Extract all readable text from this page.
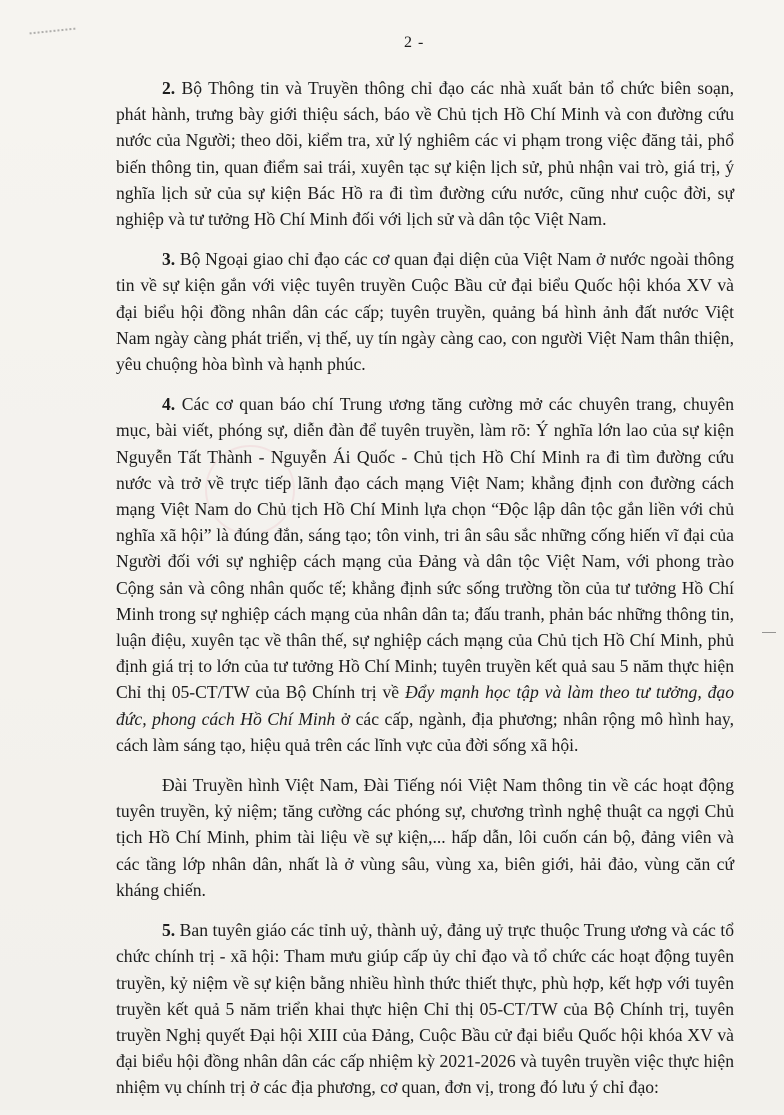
2 -

2. Bộ Thông tin và Truyền thông chỉ đạo các nhà xuất bản tổ chức biên soạn, phát hành, trưng bày giới thiệu sách, báo về Chủ tịch Hồ Chí Minh và con đường cứu nước của Người; theo dõi, kiểm tra, xử lý nghiêm các vi phạm trong việc đăng tải, phổ biến thông tin, quan điểm sai trái, xuyên tạc sự kiện lịch sử, phủ nhận vai trò, giá trị, ý nghĩa lịch sử của sự kiện Bác Hồ ra đi tìm đường cứu nước, cũng như cuộc đời, sự nghiệp và tư tưởng Hồ Chí Minh đối với lịch sử và dân tộc Việt Nam.

3. Bộ Ngoại giao chỉ đạo các cơ quan đại diện của Việt Nam ở nước ngoài thông tin về sự kiện gắn với việc tuyên truyền Cuộc Bầu cử đại biểu Quốc hội khóa XV và đại biểu hội đồng nhân dân các cấp; tuyên truyền, quảng bá hình ảnh đất nước Việt Nam ngày càng phát triển, vị thế, uy tín ngày càng cao, con người Việt Nam thân thiện, yêu chuộng hòa bình và hạnh phúc.

4. Các cơ quan báo chí Trung ương tăng cường mở các chuyên trang, chuyên mục, bài viết, phóng sự, diễn đàn để tuyên truyền, làm rõ: Ý nghĩa lớn lao của sự kiện Nguyễn Tất Thành - Nguyễn Ái Quốc - Chủ tịch Hồ Chí Minh ra đi tìm đường cứu nước và trở về trực tiếp lãnh đạo cách mạng Việt Nam; khẳng định con đường cách mạng Việt Nam do Chủ tịch Hồ Chí Minh lựa chọn “Độc lập dân tộc gắn liền với chủ nghĩa xã hội” là đúng đắn, sáng tạo; tôn vinh, tri ân sâu sắc những cống hiến vĩ đại của Người đối với sự nghiệp cách mạng của Đảng và dân tộc Việt Nam, với phong trào Cộng sản và công nhân quốc tế; khẳng định sức sống trường tồn của tư tưởng Hồ Chí Minh trong sự nghiệp cách mạng của nhân dân ta; đấu tranh, phản bác những thông tin, luận điệu, xuyên tạc về thân thế, sự nghiệp cách mạng của Chủ tịch Hồ Chí Minh, phủ định giá trị to lớn của tư tưởng Hồ Chí Minh; tuyên truyền kết quả sau 5 năm thực hiện Chỉ thị 05-CT/TW của Bộ Chính trị về Đẩy mạnh học tập và làm theo tư tưởng, đạo đức, phong cách Hồ Chí Minh ở các cấp, ngành, địa phương; nhân rộng mô hình hay, cách làm sáng tạo, hiệu quả trên các lĩnh vực của đời sống xã hội.

Đài Truyền hình Việt Nam, Đài Tiếng nói Việt Nam thông tin về các hoạt động tuyên truyền, kỷ niệm; tăng cường các phóng sự, chương trình nghệ thuật ca ngợi Chủ tịch Hồ Chí Minh, phim tài liệu về sự kiện,... hấp dẫn, lôi cuốn cán bộ, đảng viên và các tầng lớp nhân dân, nhất là ở vùng sâu, vùng xa, biên giới, hải đảo, vùng căn cứ kháng chiến.

5. Ban tuyên giáo các tỉnh uỷ, thành uỷ, đảng uỷ trực thuộc Trung ương và các tổ chức chính trị - xã hội: Tham mưu giúp cấp ủy chỉ đạo và tổ chức các hoạt động tuyên truyền, kỷ niệm về sự kiện bằng nhiều hình thức thiết thực, phù hợp, kết hợp với tuyên truyền kết quả 5 năm triển khai thực hiện Chỉ thị 05-CT/TW của Bộ Chính trị, tuyên truyền Nghị quyết Đại hội XIII của Đảng, Cuộc Bầu cử đại biểu Quốc hội khóa XV và đại biểu hội đồng nhân dân các cấp nhiệm kỳ 2021-2026 và tuyên truyền việc thực hiện nhiệm vụ chính trị ở các địa phương, cơ quan, đơn vị, trong đó lưu ý chỉ đạo:
